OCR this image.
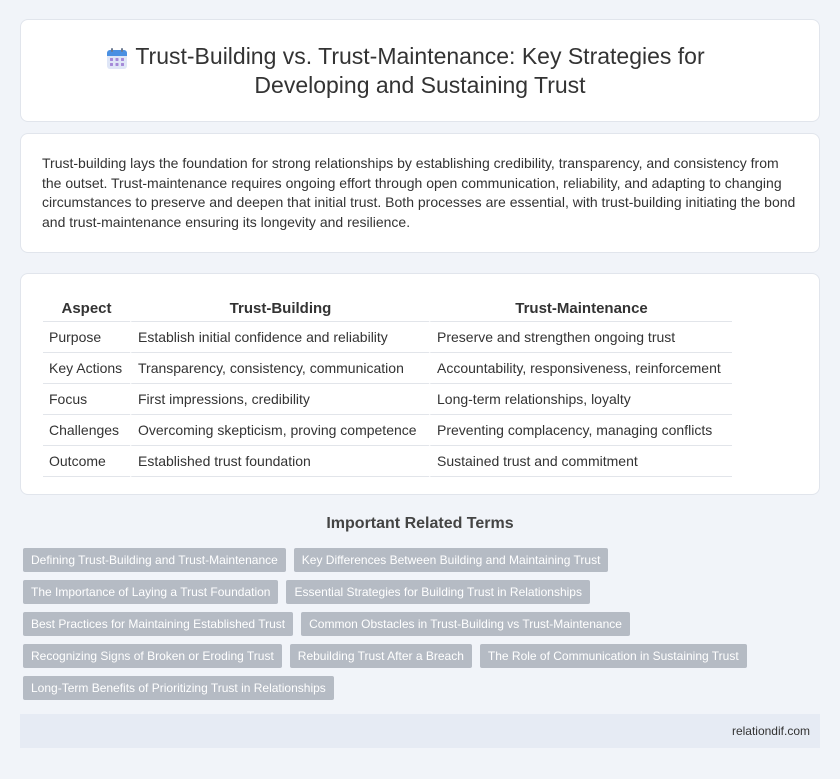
Trust-Building vs. Trust-Maintenance: Key Strategies for
Developing and Sustaining Trust

Trust-building lays the foundation for strong relationships by establishing credibility, transparency, and consistency from the outset. Trust-maintenance requires ongoing effort through open communication, reliability, and adapting to changing circumstances to preserve and deepen that initial trust. Both processes are essential, with trust-building initiating the bond and trust-maintenance ensuring its longevity and resilience.

Aspect	Trust-Building	Trust-Maintenance
Purpose	Establish initial confidence and reliability	Preserve and strengthen ongoing trust
Key Actions	Transparency, consistency, communication	Accountability, responsiveness, reinforcement
Focus	First impressions, credibility	Long-term relationships, loyalty
Challenges	Overcoming skepticism, proving competence	Preventing complacency, managing conflicts
Outcome	Established trust foundation	Sustained trust and commitment
Important Related Terms
Defining Trust-Building and Trust-Maintenance	Key Differences Between Building and Maintaining Trust
The Importance of Laying a Trust Foundation	Essential Strategies for Building Trust in Relationships
Best Practices for Maintaining Established Trust	Common Obstacles in Trust-Building vs Trust-Maintenance
Recognizing Signs of Broken or Eroding Trust	Rebuilding Trust After a Breach	The Role of Communication in Sustaining Trust
Long-Term Benefits of Prioritizing Trust in Relationships
relationdif.com
